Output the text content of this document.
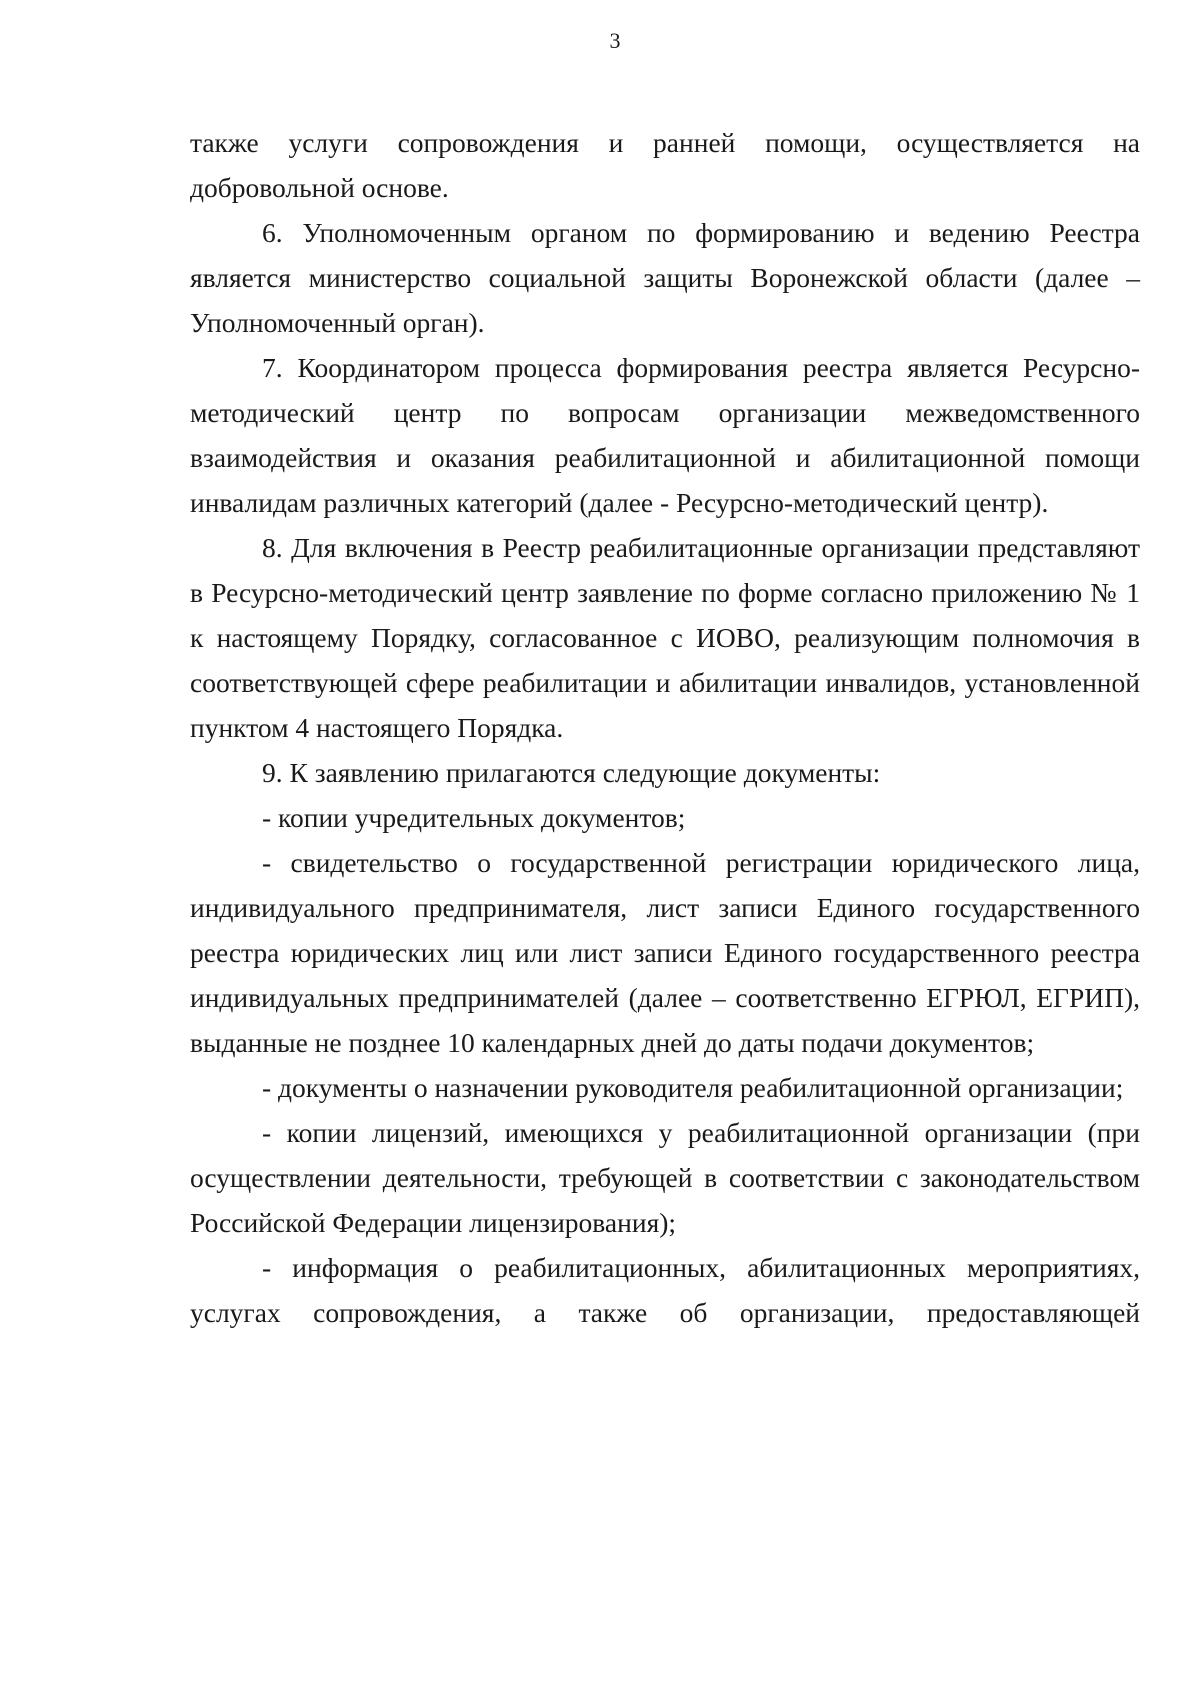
3

также услуги сопровождения и ранней помощи, осуществляется на добровольной основе.

6. Уполномоченным органом по формированию и ведению Реестра является министерство социальной защиты Воронежской области (далее – Уполномоченный орган).

7. Координатором процесса формирования реестра является Ресурсно-методический центр по вопросам организации межведомственного взаимодействия и оказания реабилитационной и абилитационной помощи инвалидам различных категорий (далее - Ресурсно-методический центр).

8. Для включения в Реестр реабилитационные организации представляют в Ресурсно-методический центр заявление по форме согласно приложению № 1 к настоящему Порядку, согласованное с ИОВО, реализующим полномочия в соответствующей сфере реабилитации и абилитации инвалидов, установленной пунктом 4 настоящего Порядка.

9. К заявлению прилагаются следующие документы:

- копии учредительных документов;

- свидетельство о государственной регистрации юридического лица, индивидуального предпринимателя, лист записи Единого государственного реестра юридических лиц или лист записи Единого государственного реестра индивидуальных предпринимателей (далее – соответственно ЕГРЮЛ, ЕГРИП), выданные не позднее 10 календарных дней до даты подачи документов;

- документы о назначении руководителя реабилитационной организации;

- копии лицензий, имеющихся у реабилитационной организации (при осуществлении деятельности, требующей в соответствии с законодательством Российской Федерации лицензирования);

- информация о реабилитационных, абилитационных мероприятиях, услугах сопровождения, а также об организации, предоставляющей
